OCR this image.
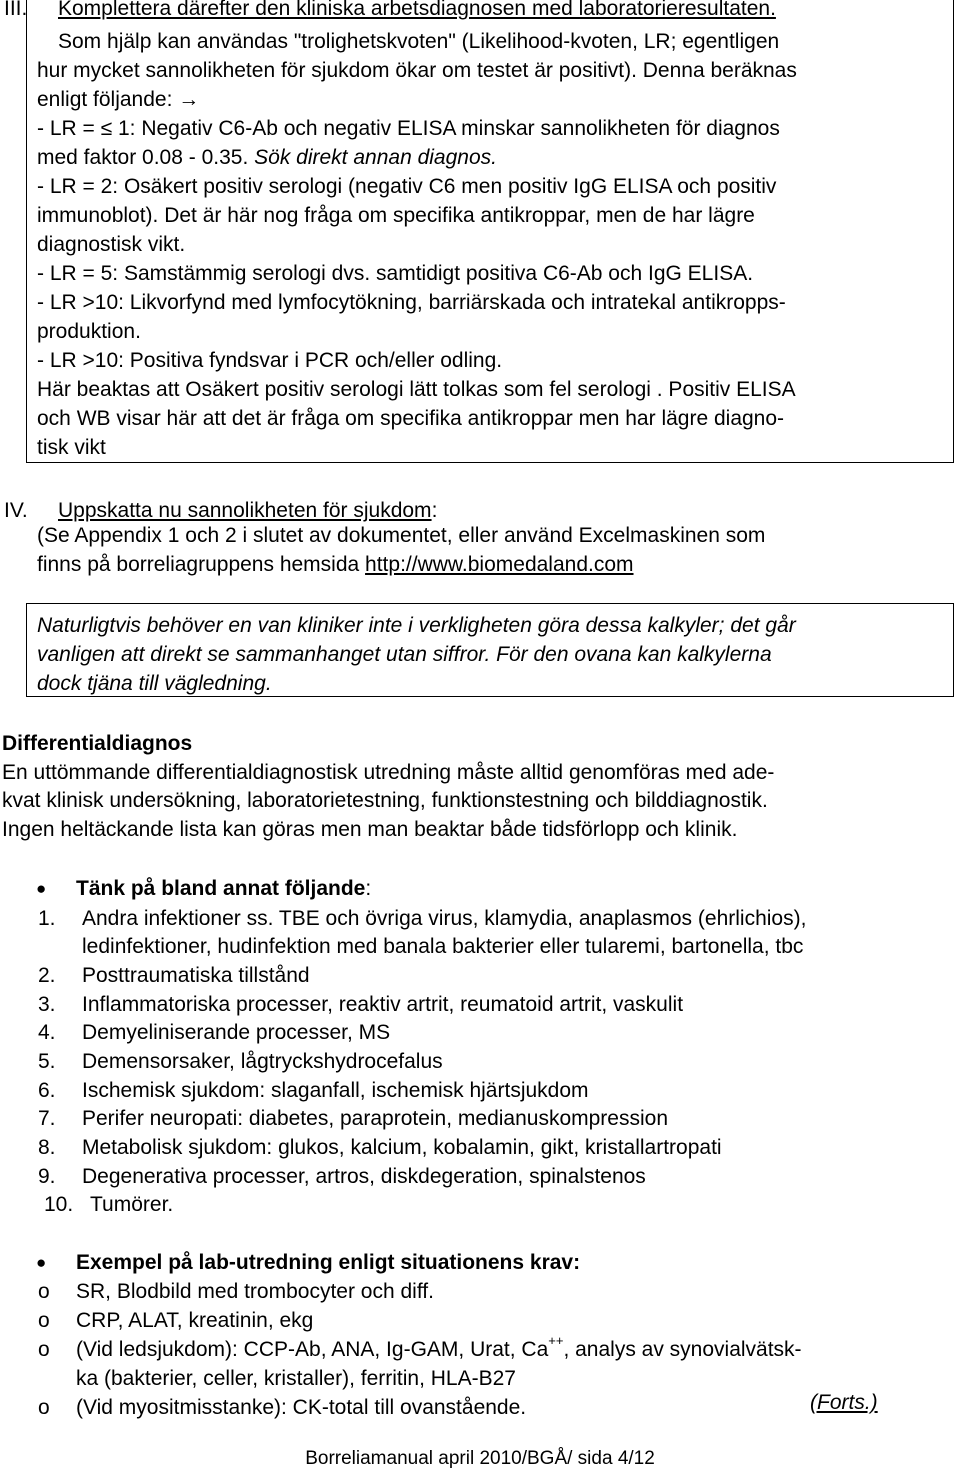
III. Komplettera därefter den kliniska arbetsdiagnosen med laboratorieresultaten.
Som hjälp kan användas "trolighetskvoten" (Likelihood-kvoten, LR; egentligen
hur mycket sannolikheten för sjukdom ökar om testet är positivt). Denna beräknas
enligt följande: →
- LR = ≤ 1: Negativ C6-Ab och negativ ELISA minskar sannolikheten för diagnos
med faktor 0.08 - 0.35. Sök direkt annan diagnos.
- LR = 2: Osäkert positiv serologi (negativ C6 men positiv IgG ELISA och positiv
immunoblot). Det är här nog fråga om specifika antikroppar, men de har lägre
diagnostisk vikt.
- LR = 5: Samstämmig serologi dvs. samtidigt positiva C6-Ab och IgG ELISA.
- LR >10: Likvorfynd med lymfocytökning, barriärskada och intratekal antikropps-
produktion.
- LR >10: Positiva fyndsvar i PCR och/eller odling.
Här beaktas att Osäkert positiv serologi lätt tolkas som fel serologi . Positiv ELISA
och WB visar här att det är fråga om specifika antikroppar men har lägre diagno-
tisk vikt
IV. Uppskatta nu sannolikheten för sjukdom:
(Se Appendix 1 och 2 i slutet av dokumentet, eller använd Excelmaskinen som
finns på borreliagruppens hemsida http://www.biomedaland.com
Naturligtvis behöver en van kliniker inte i verkligheten göra dessa kalkyler; det går
vanligen att direkt se sammanhanget utan siffror. För den ovana kan kalkylerna
dock tjäna till vägledning.
Differentialdiagnos
En uttömmande differentialdiagnostisk utredning måste alltid genomföras med ade-
kvat klinisk undersökning, laboratorietestning, funktionstestning och bilddiagnostik.
Ingen heltäckande lista kan göras men man beaktar både tidsförlopp och klinik.
● Tänk på bland annat följande:
1. Andra infektioner ss. TBE och övriga virus, klamydia, anaplasmos (ehrlichios),
ledinfektioner, hudinfektion med banala bakterier eller tularemi, bartonella, tbc
2. Posttraumatiska tillstånd
3. Inflammatoriska processer, reaktiv artrit, reumatoid artrit, vaskulit
4. Demyeliniserande processer, MS
5. Demensorsaker, lågtryckshydrocefalus
6. Ischemisk sjukdom: slaganfall, ischemisk hjärtsjukdom
7. Perifer neuropati: diabetes, paraprotein, medianuskompression
8. Metabolisk sjukdom: glukos, kalcium, kobalamin, gikt, kristallartropati
9. Degenerativa processer, artros, diskdegeration, spinalstenos
10. Tumörer.
● Exempel på lab-utredning enligt situationens krav:
o SR, Blodbild med trombocyter och diff.
o CRP, ALAT, kreatinin, ekg
o (Vid ledsjukdom): CCP-Ab, ANA, Ig-GAM, Urat, Ca++, analys av synovialvätsk-
ka (bakterier, celler, kristaller), ferritin, HLA-B27
o (Vid myositmisstanke): CK-total till ovanstående.	(Forts.)
Borreliamanual april 2010/BGÅ/ sida 4/12
